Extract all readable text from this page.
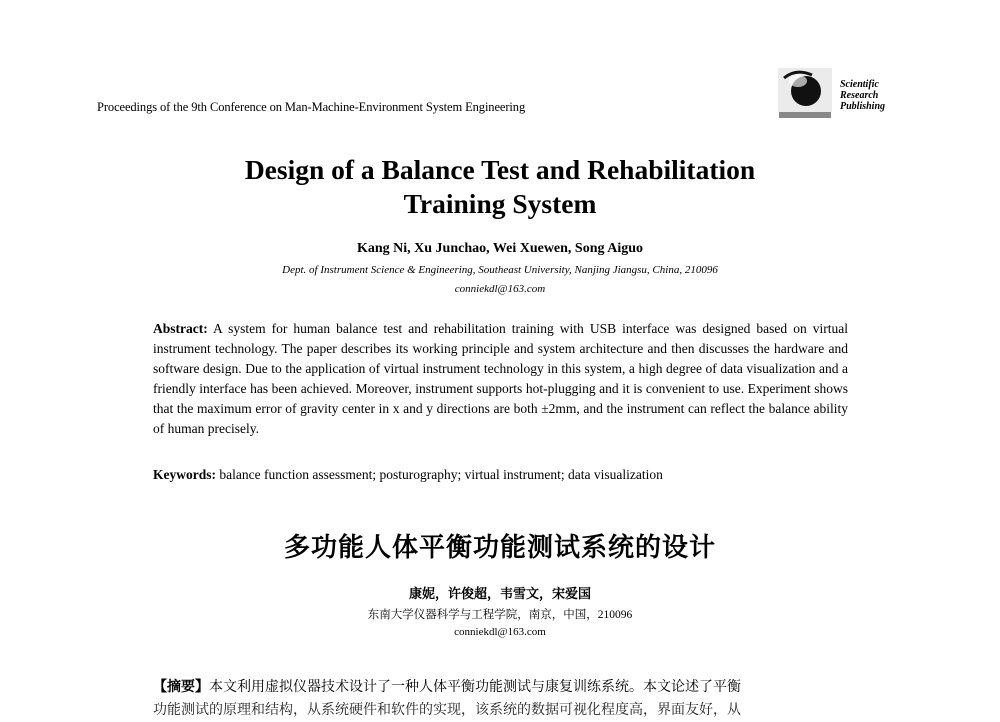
Proceedings of the 9th Conference on Man-Machine-Environment System Engineering
Scientific
Research
Publishing
Design of a Balance Test and Rehabilitation
Training System
Kang Ni, Xu Junchao, Wei Xuewen, Song Aiguo
Dept. of Instrument Science & Engineering, Southeast University, Nanjing Jiangsu, China, 210096
conniekdl@163.com
Abstract: A system for human balance test and rehabilitation training with USB interface was designed based on virtual instrument technology. The paper describes its working principle and system architecture and then discusses the hardware and software design. Due to the application of virtual instrument technology in this system, a high degree of data visualization and a friendly interface has been achieved. Moreover, instrument supports hot-plugging and it is convenient to use. Experiment shows that the maximum error of gravity center in x and y directions are both ±2mm, and the instrument can reflect the balance ability of human precisely.
Keywords: balance function assessment; posturography; virtual instrument; data visualization
多功能人体平衡功能测试系统的设计
康妮，许俊超，韦雪文，宋爱国
东南大学仪器科学与工程学院，南京，中国，210096
conniekdl@163.com
【摘要】本文利用虚拟仪器技术设计了一种人体平衡功能测试与康复训练系统。本文论述了平衡
功能测试的原理和结构，从系统硬件和软件的实现，该系统的数据可视化程度高，界面友好，从
